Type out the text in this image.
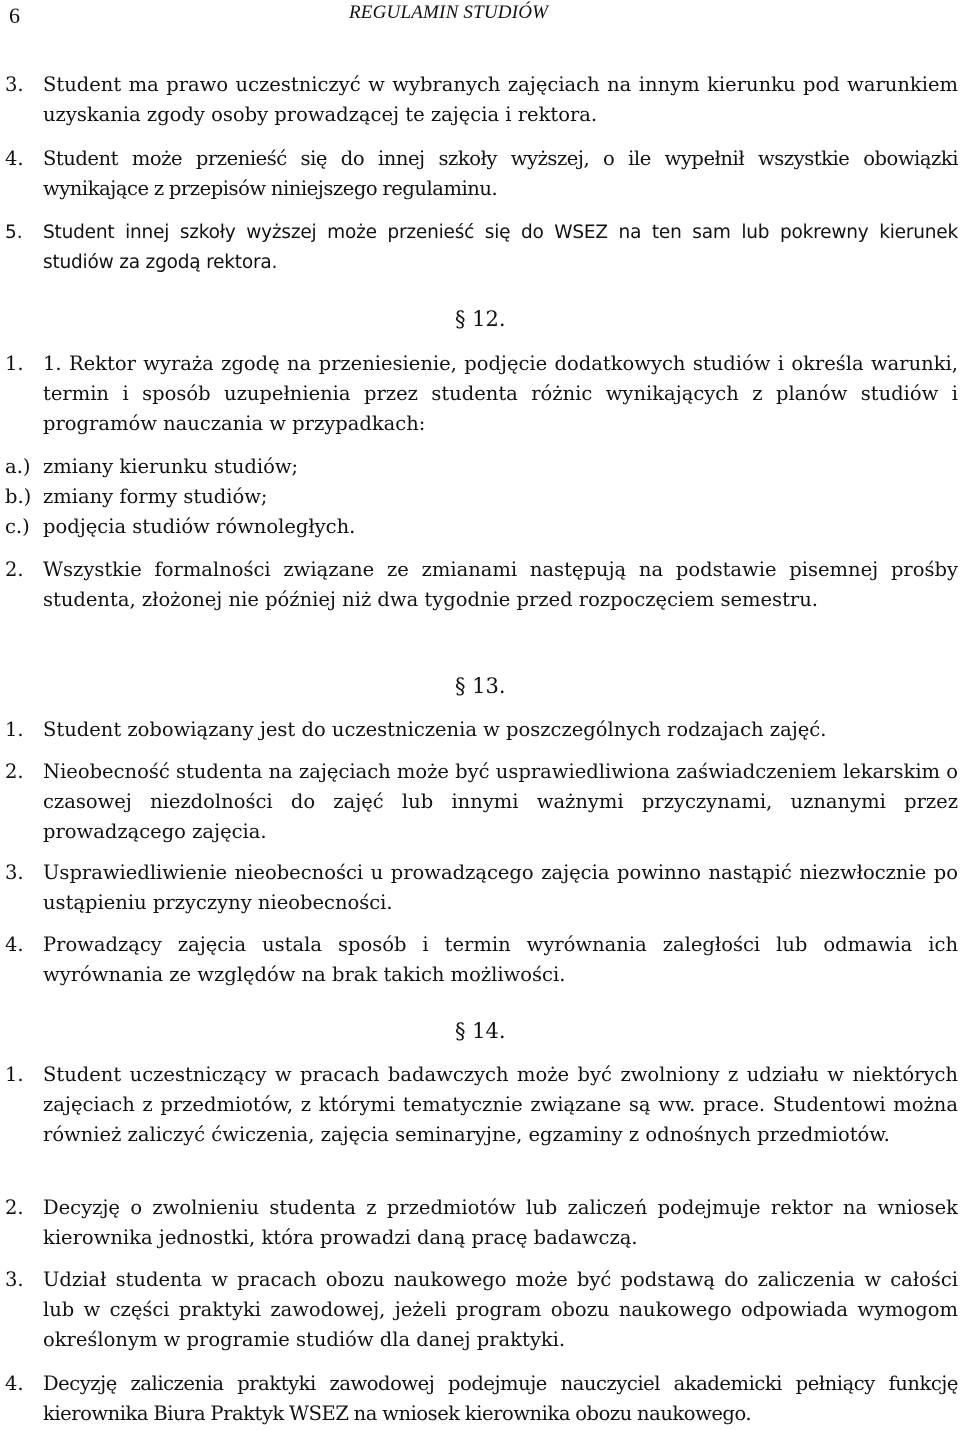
6	REGULAMIN STUDIÓW
3. Student ma prawo uczestniczyć w wybranych zajęciach na innym kierunku pod warunkiem uzyskania zgody osoby prowadzącej te zajęcia i rektora.
4. Student może przenieść się do innej szkoły wyższej, o ile wypełnił wszystkie obowiązki wynikające z przepisów niniejszego regulaminu.
5. Student innej szkoły wyższej może przenieść się do WSEZ na ten sam lub pokrewny kierunek studiów za zgodą rektora.
§ 12.
1. 1. Rektor wyraża zgodę na przeniesienie, podjęcie dodatkowych studiów i określa warunki, termin i sposób uzupełnienia przez studenta różnic wynikających z planów studiów i programów nauczania w przypadkach:
a.) zmiany kierunku studiów;
b.) zmiany formy studiów;
c.) podjęcia studiów równoległych.
2. Wszystkie formalności związane ze zmianami następują na podstawie pisemnej prośby studenta, złożonej nie później niż dwa tygodnie przed rozpoczęciem semestru.
§ 13.
1. Student zobowiązany jest do uczestniczenia w poszczególnych rodzajach zajęć.
2. Nieobecność studenta na zajęciach może być usprawiedliwiona zaświadczeniem lekarskim o czasowej niezdolności do zajęć lub innymi ważnymi przyczynami, uznanymi przez prowadzącego zajęcia.
3. Usprawiedliwienie nieobecności u prowadzącego zajęcia powinno nastąpić niezwłocznie po ustąpieniu przyczyny nieobecności.
4. Prowadzący zajęcia ustala sposób i termin wyrównania zaległości lub odmawia ich wyrównania ze względów na brak takich możliwości.
§ 14.
1. Student uczestniczący w pracach badawczych może być zwolniony z udziału w niektórych zajęciach z przedmiotów, z którymi tematycznie związane są ww. prace. Studentowi można również zaliczyć ćwiczenia, zajęcia seminaryjne, egzaminy z odnośnych przedmiotów.
2. Decyzję o zwolnieniu studenta z przedmiotów lub zaliczeń podejmuje rektor na wniosek kierownika jednostki, która prowadzi daną pracę badawczą.
3. Udział studenta w pracach obozu naukowego może być podstawą do zaliczenia w całości lub w części praktyki zawodowej, jeżeli program obozu naukowego odpowiada wymogom określonym w programie studiów dla danej praktyki.
4. Decyzję zaliczenia praktyki zawodowej podejmuje nauczyciel akademicki pełniący funkcję kierownika Biura Praktyk WSEZ na wniosek kierownika obozu naukowego.
